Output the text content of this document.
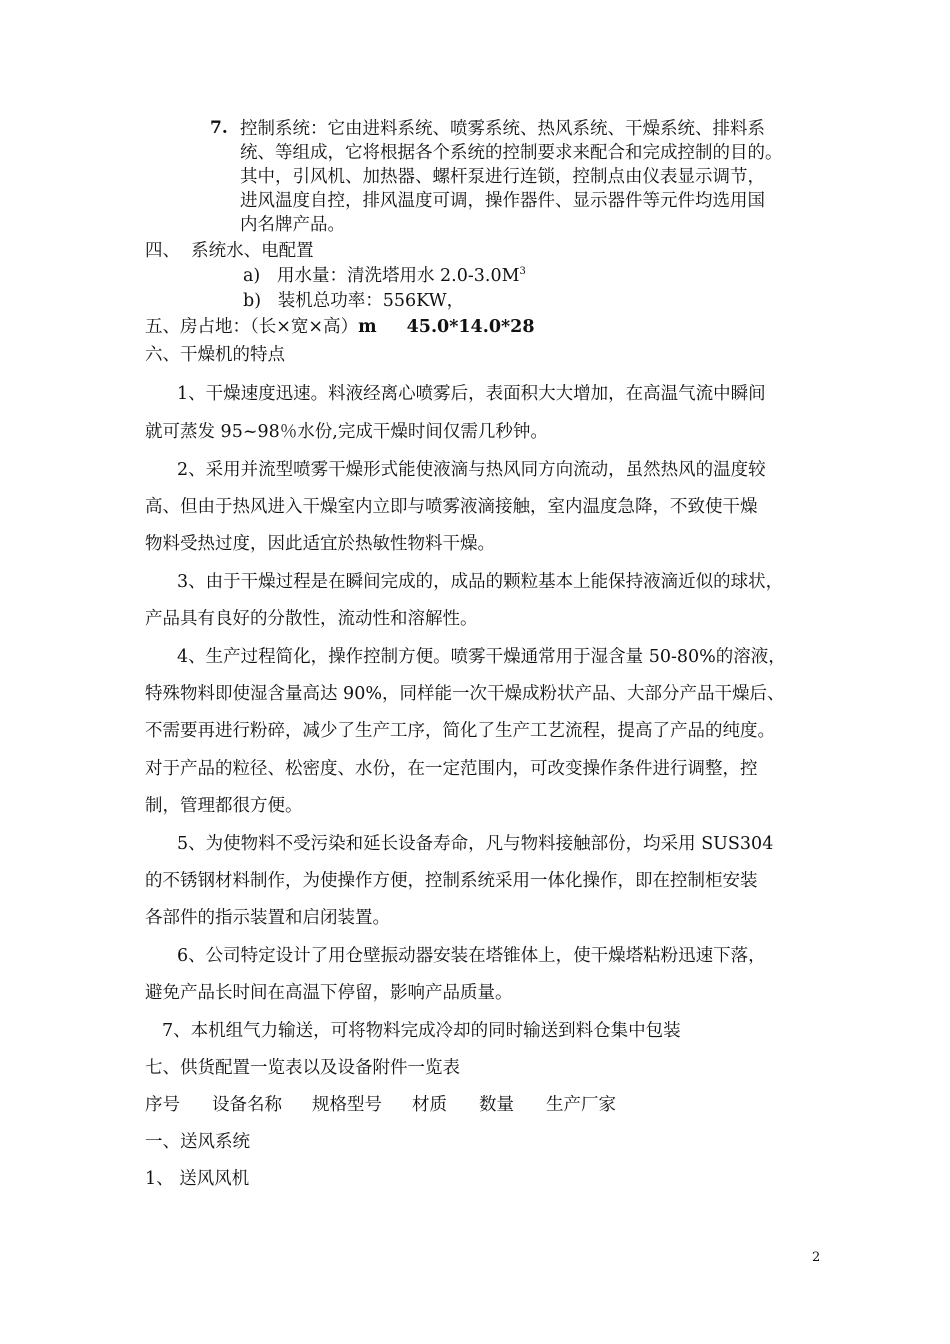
7. 控制系统：它由进料系统、喷雾系统、热风系统、干燥系统、排料系
统、等组成，它将根据各个系统的控制要求来配合和完成控制的目的。
其中，引风机、加热器、螺杆泵进行连锁，控制点由仪表显示调节，
进风温度自控，排风温度可调，操作器件、显示器件等元件均选用国
内名牌产品。
四、  系统水、电配置
a) 用水量：清洗塔用水 $2.0-3.0M^3$
b) 装机总功率：556KW，
五、房占地：（长×宽×高）m 45.0*14.0*28
六、干燥机的特点
1、干燥速度迅速。料液经离心喷雾后，表面积大大增加，在高温气流中瞬间
就可蒸发 95~98％水份,完成干燥时间仅需几秒钟。
2、采用并流型喷雾干燥形式能使液滴与热风同方向流动，虽然热风的温度较
高、但由于热风进入干燥室内立即与喷雾液滴接触，室内温度急降，不致使干燥
物料受热过度，因此适宜於热敏性物料干燥。
3、由于干燥过程是在瞬间完成的，成品的颗粒基本上能保持液滴近似的球状，
产品具有良好的分散性，流动性和溶解性。
4、生产过程简化，操作控制方便。喷雾干燥通常用于湿含量 50-80%的溶液，
特殊物料即使湿含量高达 90%，同样能一次干燥成粉状产品、大部分产品干燥后、
不需要再进行粉碎，减少了生产工序，简化了生产工艺流程，提高了产品的纯度。
对于产品的粒径、松密度、水份，在一定范围内，可改变操作条件进行调整，控
制，管理都很方便。
5、为使物料不受污染和延长设备寿命，凡与物料接触部份，均采用 SUS304
的不锈钢材料制作，为使操作方便，控制系统采用一体化操作，即在控制柜安装
各部件的指示装置和启闭装置。
6、公司特定设计了用仓壁振动器安装在塔锥体上，使干燥塔粘粉迅速下落，
避免产品长时间在高温下停留，影响产品质量。
7、本机组气力输送，可将物料完成冷却的同时输送到料仓集中包装
七、供货配置一览表以及设备附件一览表
序号 设备名称 规格型号 材质 数量 生产厂家
一、送风系统
1、 送风风机
2
